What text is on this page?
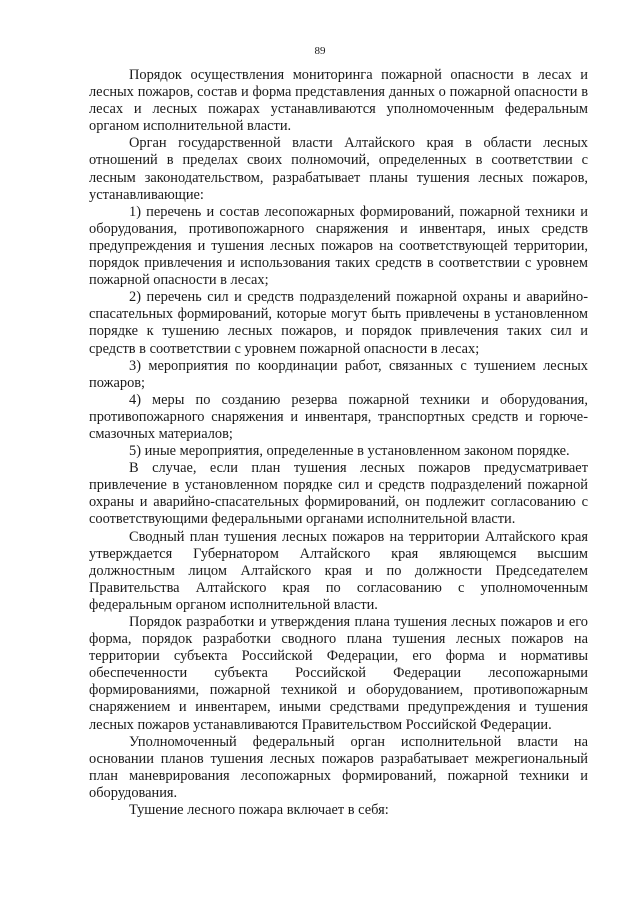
89

Порядок осуществления мониторинга пожарной опасности в лесах и лесных пожаров, состав и форма представления данных о пожарной опасности в лесах и лесных пожарах устанавливаются уполномоченным федеральным органом исполнительной власти.

Орган государственной власти Алтайского края в области лесных отношений в пределах своих полномочий, определенных в соответствии с лесным законодательством, разрабатывает планы тушения лесных пожаров, устанавливающие:

1) перечень и состав лесопожарных формирований, пожарной техники и оборудования, противопожарного снаряжения и инвентаря, иных средств предупреждения и тушения лесных пожаров на соответствующей территории, порядок привлечения и использования таких средств в соответствии с уровнем пожарной опасности в лесах;

2) перечень сил и средств подразделений пожарной охраны и аварийно-спасательных формирований, которые могут быть привлечены в установленном порядке к тушению лесных пожаров, и порядок привлечения таких сил и средств в соответствии с уровнем пожарной опасности в лесах;

3) мероприятия по координации работ, связанных с тушением лесных пожаров;

4) меры по созданию резерва пожарной техники и оборудования, противопожарного снаряжения и инвентаря, транспортных средств и горюче-смазочных материалов;

5) иные мероприятия, определенные в установленном законом порядке.

В случае, если план тушения лесных пожаров предусматривает привлечение в установленном порядке сил и средств подразделений пожарной охраны и аварийно-спасательных формирований, он подлежит согласованию с соответствующими федеральными органами исполнительной власти.

Сводный план тушения лесных пожаров на территории Алтайского края утверждается Губернатором Алтайского края являющемся высшим должностным лицом Алтайского края и по должности Председателем Правительства Алтайского края по согласованию с уполномоченным федеральным органом исполнительной власти.

Порядок разработки и утверждения плана тушения лесных пожаров и его форма, порядок разработки сводного плана тушения лесных пожаров на территории субъекта Российской Федерации, его форма и нормативы обеспеченности субъекта Российской Федерации лесопожарными формированиями, пожарной техникой и оборудованием, противопожарным снаряжением и инвентарем, иными средствами предупреждения и тушения лесных пожаров устанавливаются Правительством Российской Федерации.

Уполномоченный федеральный орган исполнительной власти на основании планов тушения лесных пожаров разрабатывает межрегиональный план маневрирования лесопожарных формирований, пожарной техники и оборудования.

Тушение лесного пожара включает в себя:
